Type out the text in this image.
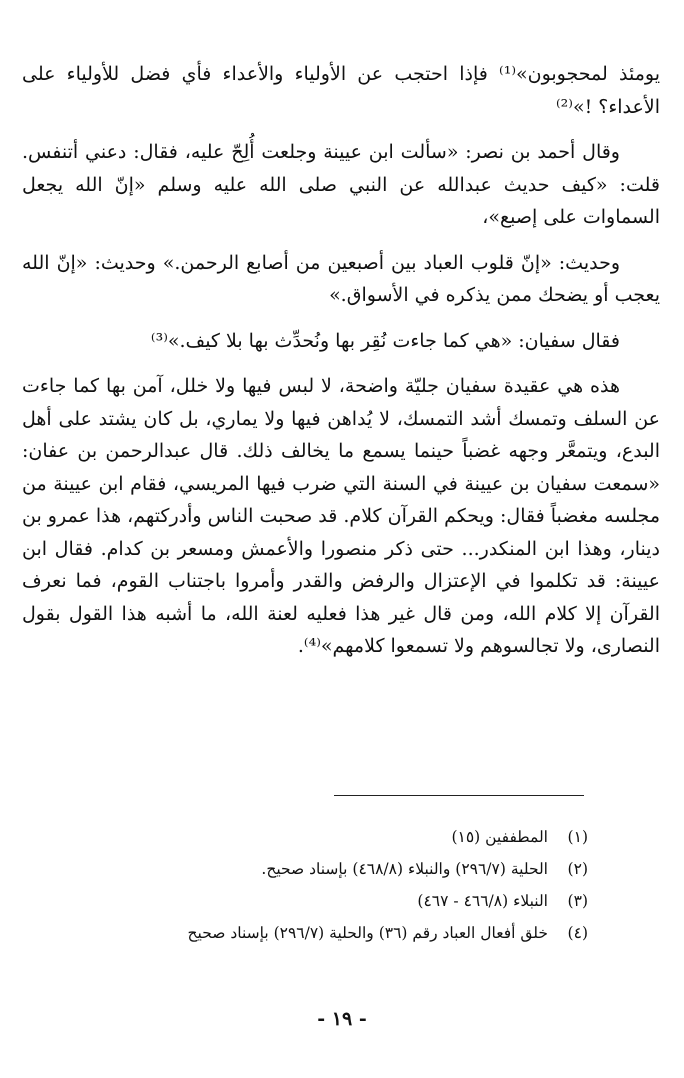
يومئذ لمحجوبون»⁽¹⁾ فإذا احتجب عن الأولياء والأعداء فأي فضل للأولياء على الأعداء؟ !»⁽²⁾

وقال أحمد بن نصر: «سألت ابن عيينة وجلعت أُلِحّ عليه، فقال: دعني أتنفس. قلت: «كيف حديث عبدالله عن النبي صلى الله عليه وسلم «إنّ الله يجعل السماوات على إصبع»،

وحديث: «إنّ قلوب العباد بين أصبعين من أصابع الرحمن.» وحديث: «إنّ الله يعجب أو يضحك ممن يذكره في الأسواق.»

فقال سفيان: «هي كما جاءت نُقِر بها ونُحدِّث بها بلا كيف.»⁽³⁾

هذه هي عقيدة سفيان جليّة واضحة، لا لبس فيها ولا خلل، آمن بها كما جاءت عن السلف وتمسك أشد التمسك، لا يُداهن فيها ولا يماري، بل كان يشتد على أهل البدع، ويتمعَّر وجهه غضباً حينما يسمع ما يخالف ذلك. قال عبدالرحمن بن عفان: «سمعت سفيان بن عيينة في السنة التي ضرب فيها المريسي، فقام ابن عيينة من مجلسه مغضباً فقال: ويحكم القرآن كلام. قد صحبت الناس وأدركتهم، هذا عمرو بن دينار، وهذا ابن المنكدر... حتى ذكر منصورا والأعمش ومسعر بن كدام. فقال ابن عيينة: قد تكلموا في الإعتزال والرفض والقدر وأمروا باجتناب القوم، فما نعرف القرآن إلا كلام الله، ومن قال غير هذا فعليه لعنة الله، ما أشبه هذا القول بقول النصارى، ولا تجالسوهم ولا تسمعوا كلامهم»⁽⁴⁾.

(١)
المطففين (١٥)
(٢)
الحلية (٢٩٦/٧) والنبلاء (٤٦٨/٨) بإسناد صحيح.
(٣)
النبلاء (٤٦٦/٨ - ٤٦٧)
(٤)
خلق أفعال العباد رقم (٣٦) والحلية (٢٩٦/٧) بإسناد صحيح
- ١٩ -
